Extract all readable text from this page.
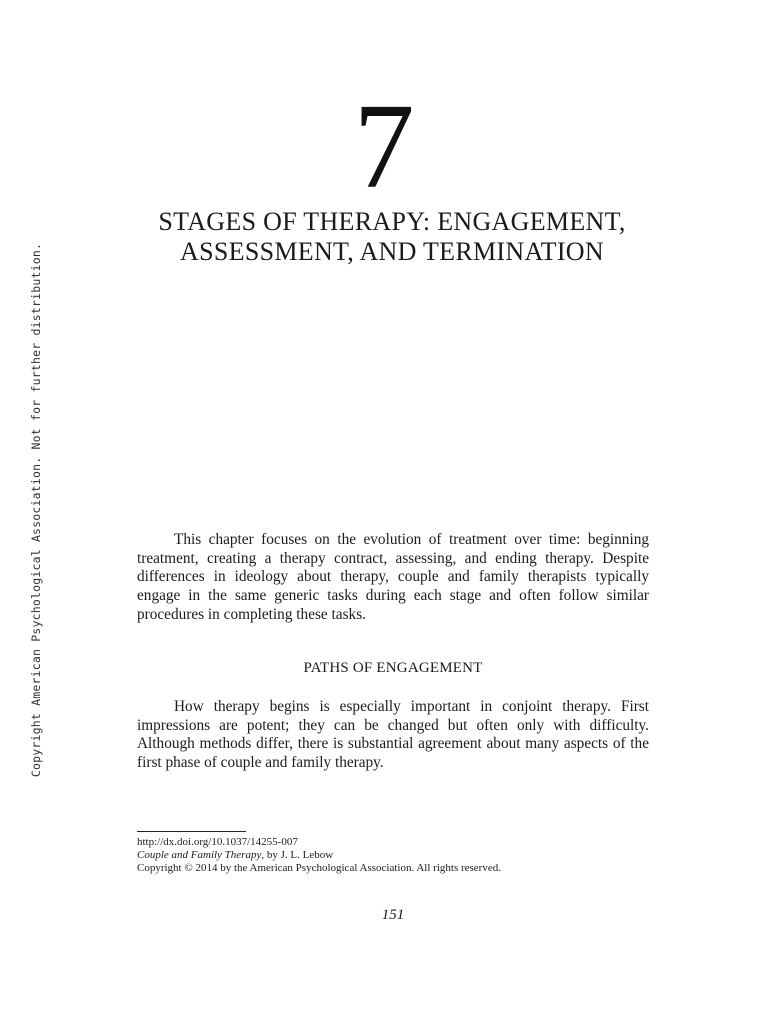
Copyright American Psychological Association. Not for further distribution.
7
STAGES OF THERAPY: ENGAGEMENT,
ASSESSMENT, AND TERMINATION

This chapter focuses on the evolution of treatment over time: beginning treatment, creating a therapy contract, assessing, and ending therapy. Despite differences in ideology about therapy, couple and family therapists typically engage in the same generic tasks during each stage and often follow similar procedures in completing these tasks.

PATHS OF ENGAGEMENT

How therapy begins is especially important in conjoint therapy. First impressions are potent; they can be changed but often only with difficulty. Although methods differ, there is substantial agreement about many aspects of the first phase of couple and family therapy.

http://dx.doi.org/10.1037/14255-007
Couple and Family Therapy, by J. L. Lebow
Copyright © 2014 by the American Psychological Association. All rights reserved.
151
